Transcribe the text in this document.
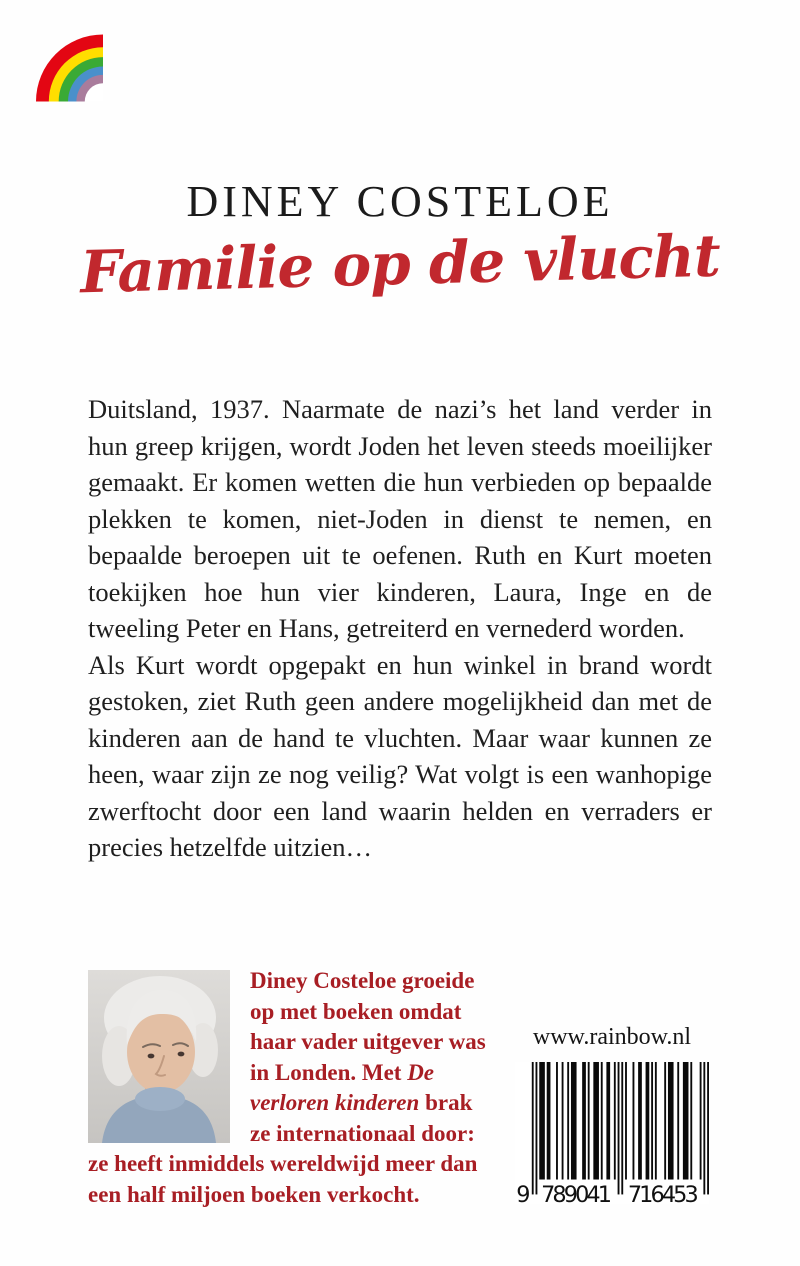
DINEY COSTELOE
Familie op de vlucht

Duitsland, 1937. Naarmate de nazi’s het land verder in hun greep krijgen, wordt Joden het leven steeds moeilijker gemaakt. Er komen wetten die hun verbieden op bepaalde plekken te komen, niet-Joden in dienst te nemen, en bepaalde beroepen uit te oefenen. Ruth en Kurt moeten toekijken hoe hun vier kinderen, Laura, Inge en de tweeling Peter en Hans, getreiterd en vernederd worden.

Als Kurt wordt opgepakt en hun winkel in brand wordt gestoken, ziet Ruth geen andere mogelijkheid dan met de kinderen aan de hand te vluchten. Maar waar kunnen ze heen, waar zijn ze nog veilig? Wat volgt is een wanhopige zwerftocht door een land waarin helden en verraders er precies hetzelfde uitzien…

Diney Costeloe groeide op met boeken omdat haar vader uitgever was in Londen. Met De verloren kinderen brak ze internationaal door: ze heeft inmiddels wereldwijd meer dan een half miljoen boeken verkocht.

www.rainbow.nl
9 789041 716453
